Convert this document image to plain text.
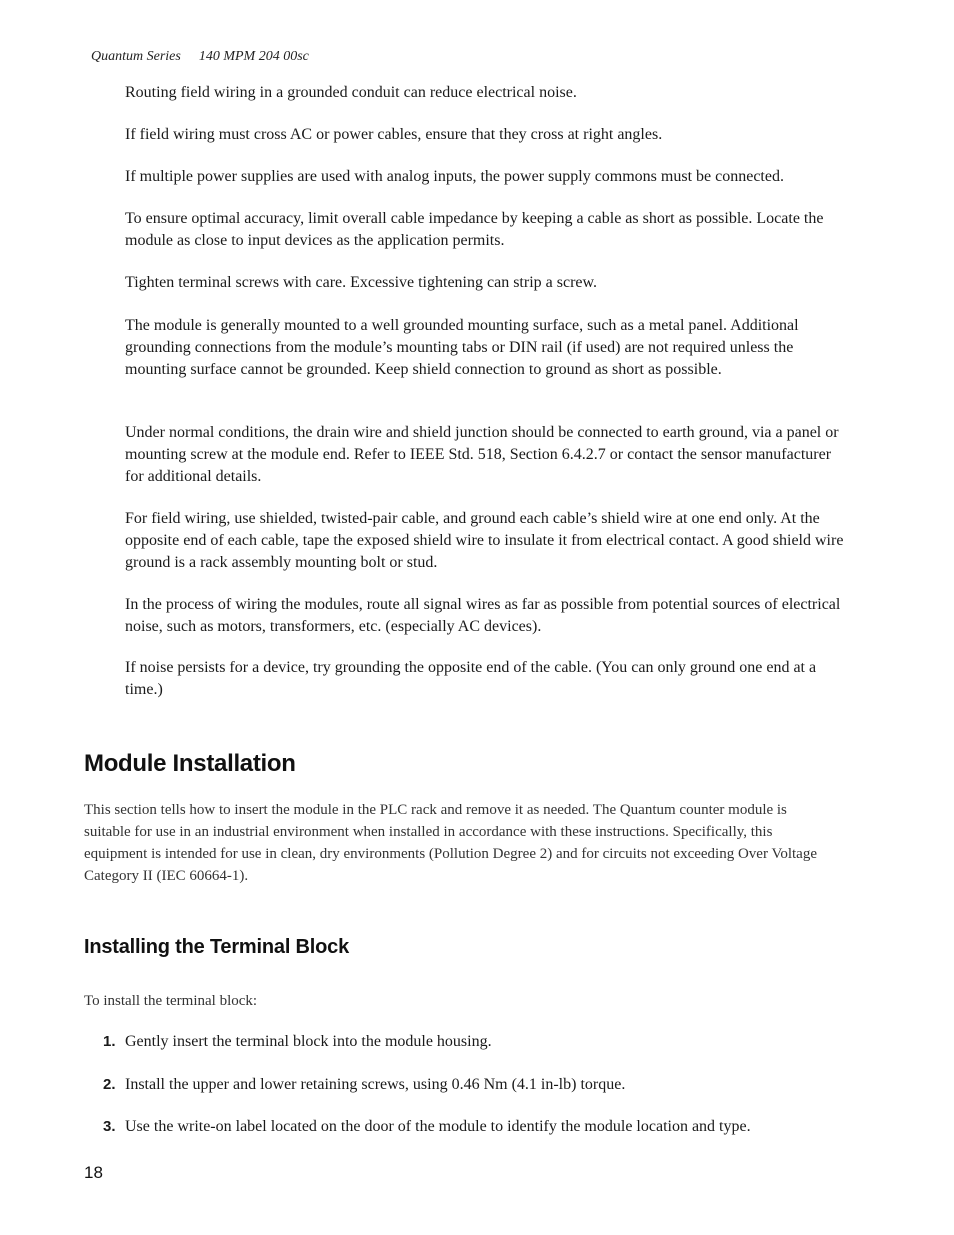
Quantum Series 140 MPM 204 00sc

Routing field wiring in a grounded conduit can reduce electrical noise.

If field wiring must cross AC or power cables, ensure that they cross at right angles.

If multiple power supplies are used with analog inputs, the power supply commons must be connected.

To ensure optimal accuracy, limit overall cable impedance by keeping a cable as short as possible. Locate the module as close to input devices as the application permits.

Tighten terminal screws with care. Excessive tightening can strip a screw.

The module is generally mounted to a well grounded mounting surface, such as a metal panel. Additional grounding connections from the module’s mounting tabs or DIN rail (if used) are not required unless the mounting surface cannot be grounded. Keep shield connection to ground as short as possible.

Under normal conditions, the drain wire and shield junction should be connected to earth ground, via a panel or mounting screw at the module end. Refer to IEEE Std. 518, Section 6.4.2.7 or contact the sensor manufacturer for additional details.

For field wiring, use shielded, twisted-pair cable, and ground each cable’s shield wire at one end only. At the opposite end of each cable, tape the exposed shield wire to insulate it from electrical contact. A good shield wire ground is a rack assembly mounting bolt or stud.

In the process of wiring the modules, route all signal wires as far as possible from potential sources of electrical noise, such as motors, transformers, etc. (especially AC devices).

If noise persists for a device, try grounding the opposite end of the cable. (You can only ground one end at a time.)

Module Installation

This section tells how to insert the module in the PLC rack and remove it as needed. The Quantum counter module is suitable for use in an industrial environment when installed in accordance with these instructions. Specifically, this equipment is intended for use in clean, dry environments (Pollution Degree 2) and for circuits not exceeding Over Voltage Category II (IEC 60664-1).

Installing the Terminal Block

To install the terminal block:

1. Gently insert the terminal block into the module housing.
2. Install the upper and lower retaining screws, using 0.46 Nm (4.1 in-lb) torque.
3. Use the write-on label located on the door of the module to identify the module location and type.
18
